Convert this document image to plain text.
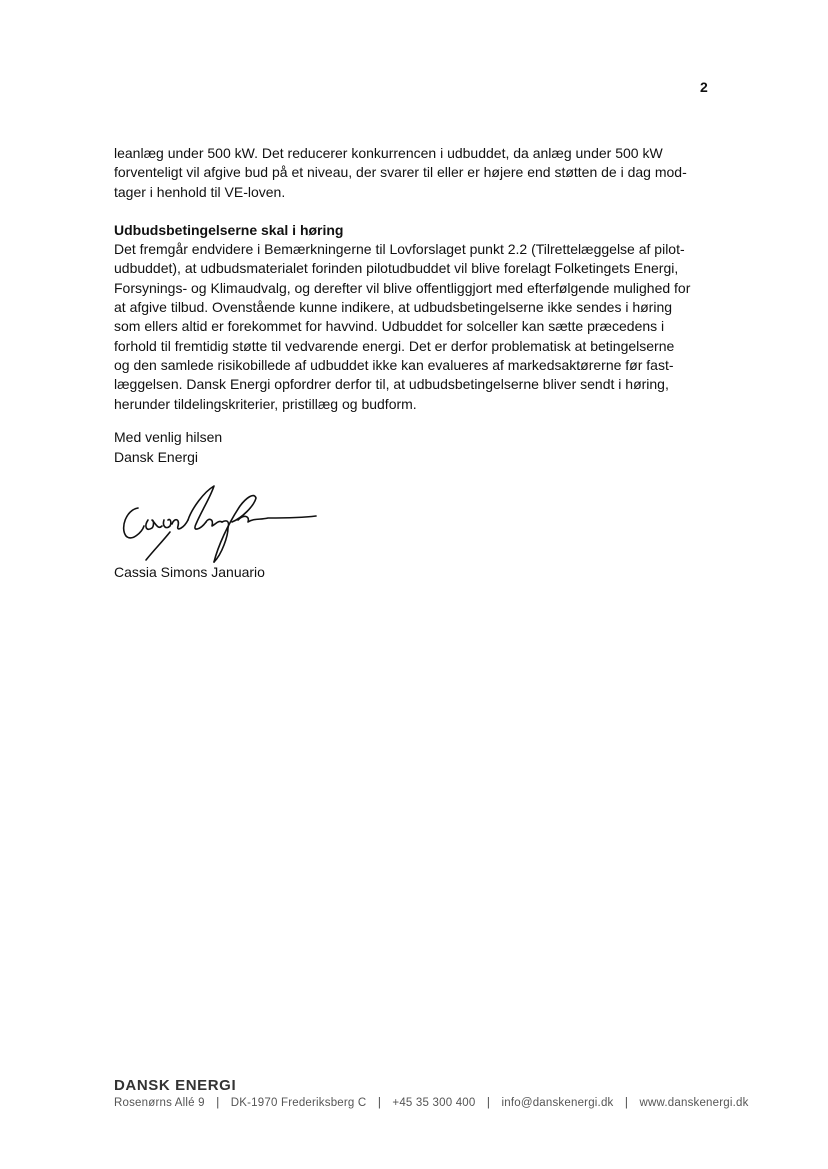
2

leanlæg under 500 kW. Det reducerer konkurrencen i udbuddet, da anlæg under 500 kW

forventeligt vil afgive bud på et niveau, der svarer til eller er højere end støtten de i dag mod-

tager i henhold til VE-loven.

Udbudsbetingelserne skal i høring

Det fremgår endvidere i Bemærkningerne til Lovforslaget punkt 2.2 (Tilrettelæggelse af pilot-

udbuddet), at udbudsmaterialet forinden pilotudbuddet vil blive forelagt Folketingets Energi,

Forsynings- og Klimaudvalg, og derefter vil blive offentliggjort med efterfølgende mulighed for

at afgive tilbud. Ovenstående kunne indikere, at udbudsbetingelserne ikke sendes i høring

som ellers altid er forekommet for havvind. Udbuddet for solceller kan sætte præcedens i

forhold til fremtidig støtte til vedvarende energi. Det er derfor problematisk at betingelserne

og den samlede risikobillede af udbuddet ikke kan evalueres af markedsaktørerne før fast-

læggelsen. Dansk Energi opfordrer derfor til, at udbudsbetingelserne bliver sendt i høring,

herunder tildelingskriterier, pristillæg og budform.

Med venlig hilsen
Dansk Energi
Cassia Simons Januario
DANSK ENERGI
Rosenørns Allé 9 | DK-1970 Frederiksberg C | +45 35 300 400 | info@danskenergi.dk | www.danskenergi.dk
